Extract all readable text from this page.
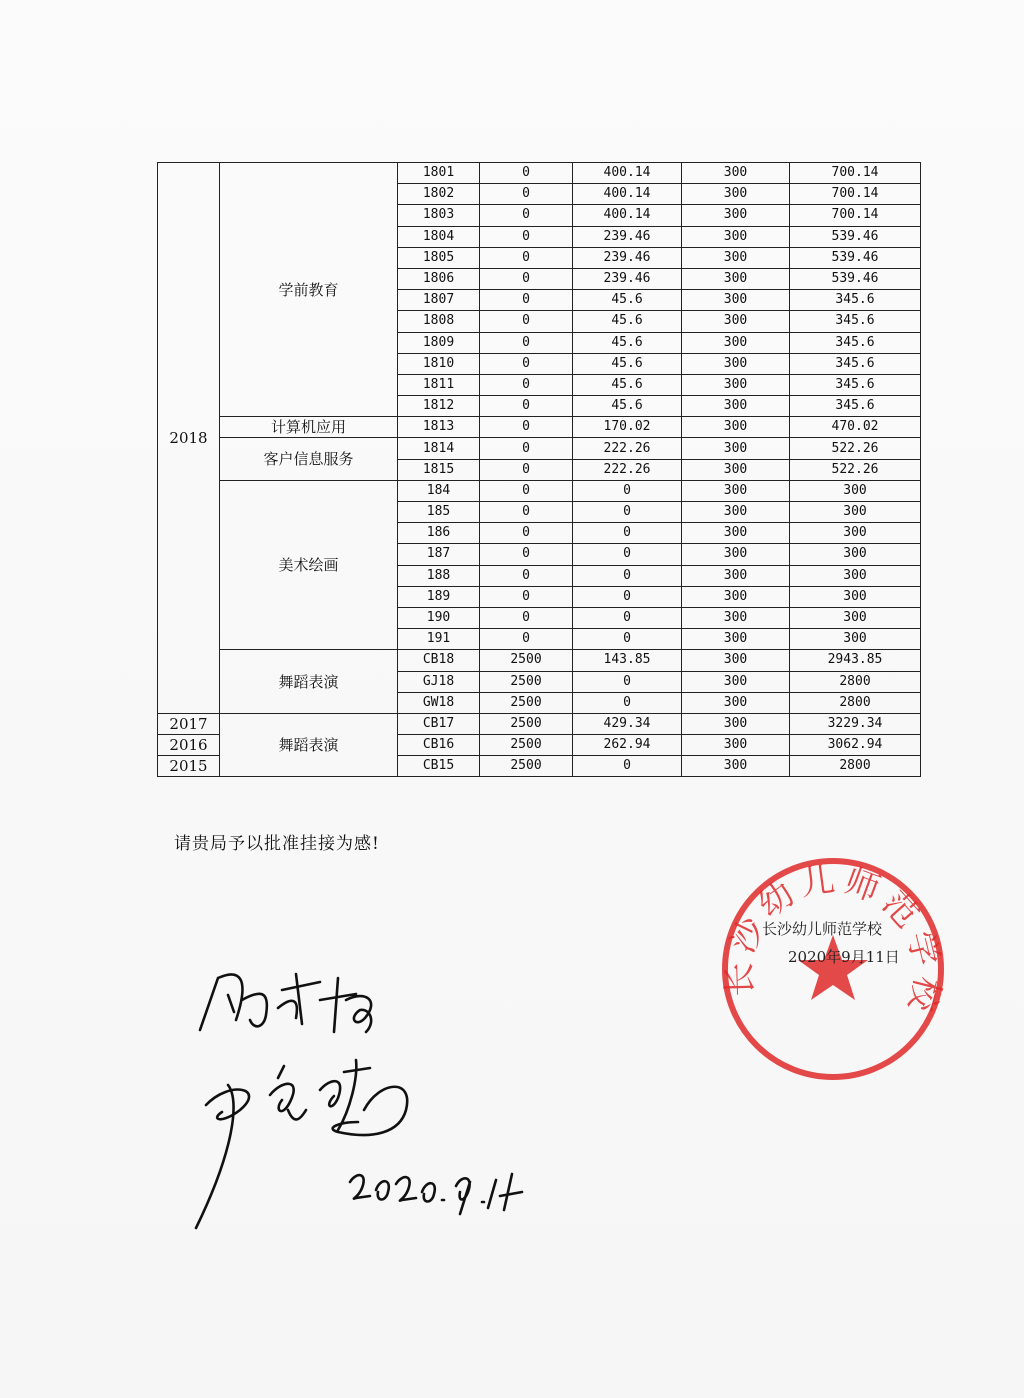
2018	学前教育	1801	0	400.14	300	700.14
		1802	0	400.14	300	700.14
		1803	0	400.14	300	700.14
		1804	0	239.46	300	539.46
		1805	0	239.46	300	539.46
		1806	0	239.46	300	539.46
		1807	0	45.6	300	345.6
		1808	0	45.6	300	345.6
		1809	0	45.6	300	345.6
		1810	0	45.6	300	345.6
		1811	0	45.6	300	345.6
		1812	0	45.6	300	345.6
	计算机应用	1813	0	170.02	300	470.02
	客户信息服务	1814	0	222.26	300	522.26
		1815	0	222.26	300	522.26
	美术绘画	184	0	0	300	300
		185	0	0	300	300
		186	0	0	300	300
		187	0	0	300	300
		188	0	0	300	300
		189	0	0	300	300
		190	0	0	300	300
		191	0	0	300	300
	舞蹈表演	CB18	2500	143.85	300	2943.85
		GJ18	2500	0	300	2800
		GW18	2500	0	300	2800
2017	舞蹈表演	CB17	2500	429.34	300	3229.34
2016		CB16	2500	262.94	300	3062.94
2015		CB15	2500	0	300	2800
请贵局予以批准挂接为感!
长沙幼儿师范学校
长沙幼儿师范学校
2020年9月11日
